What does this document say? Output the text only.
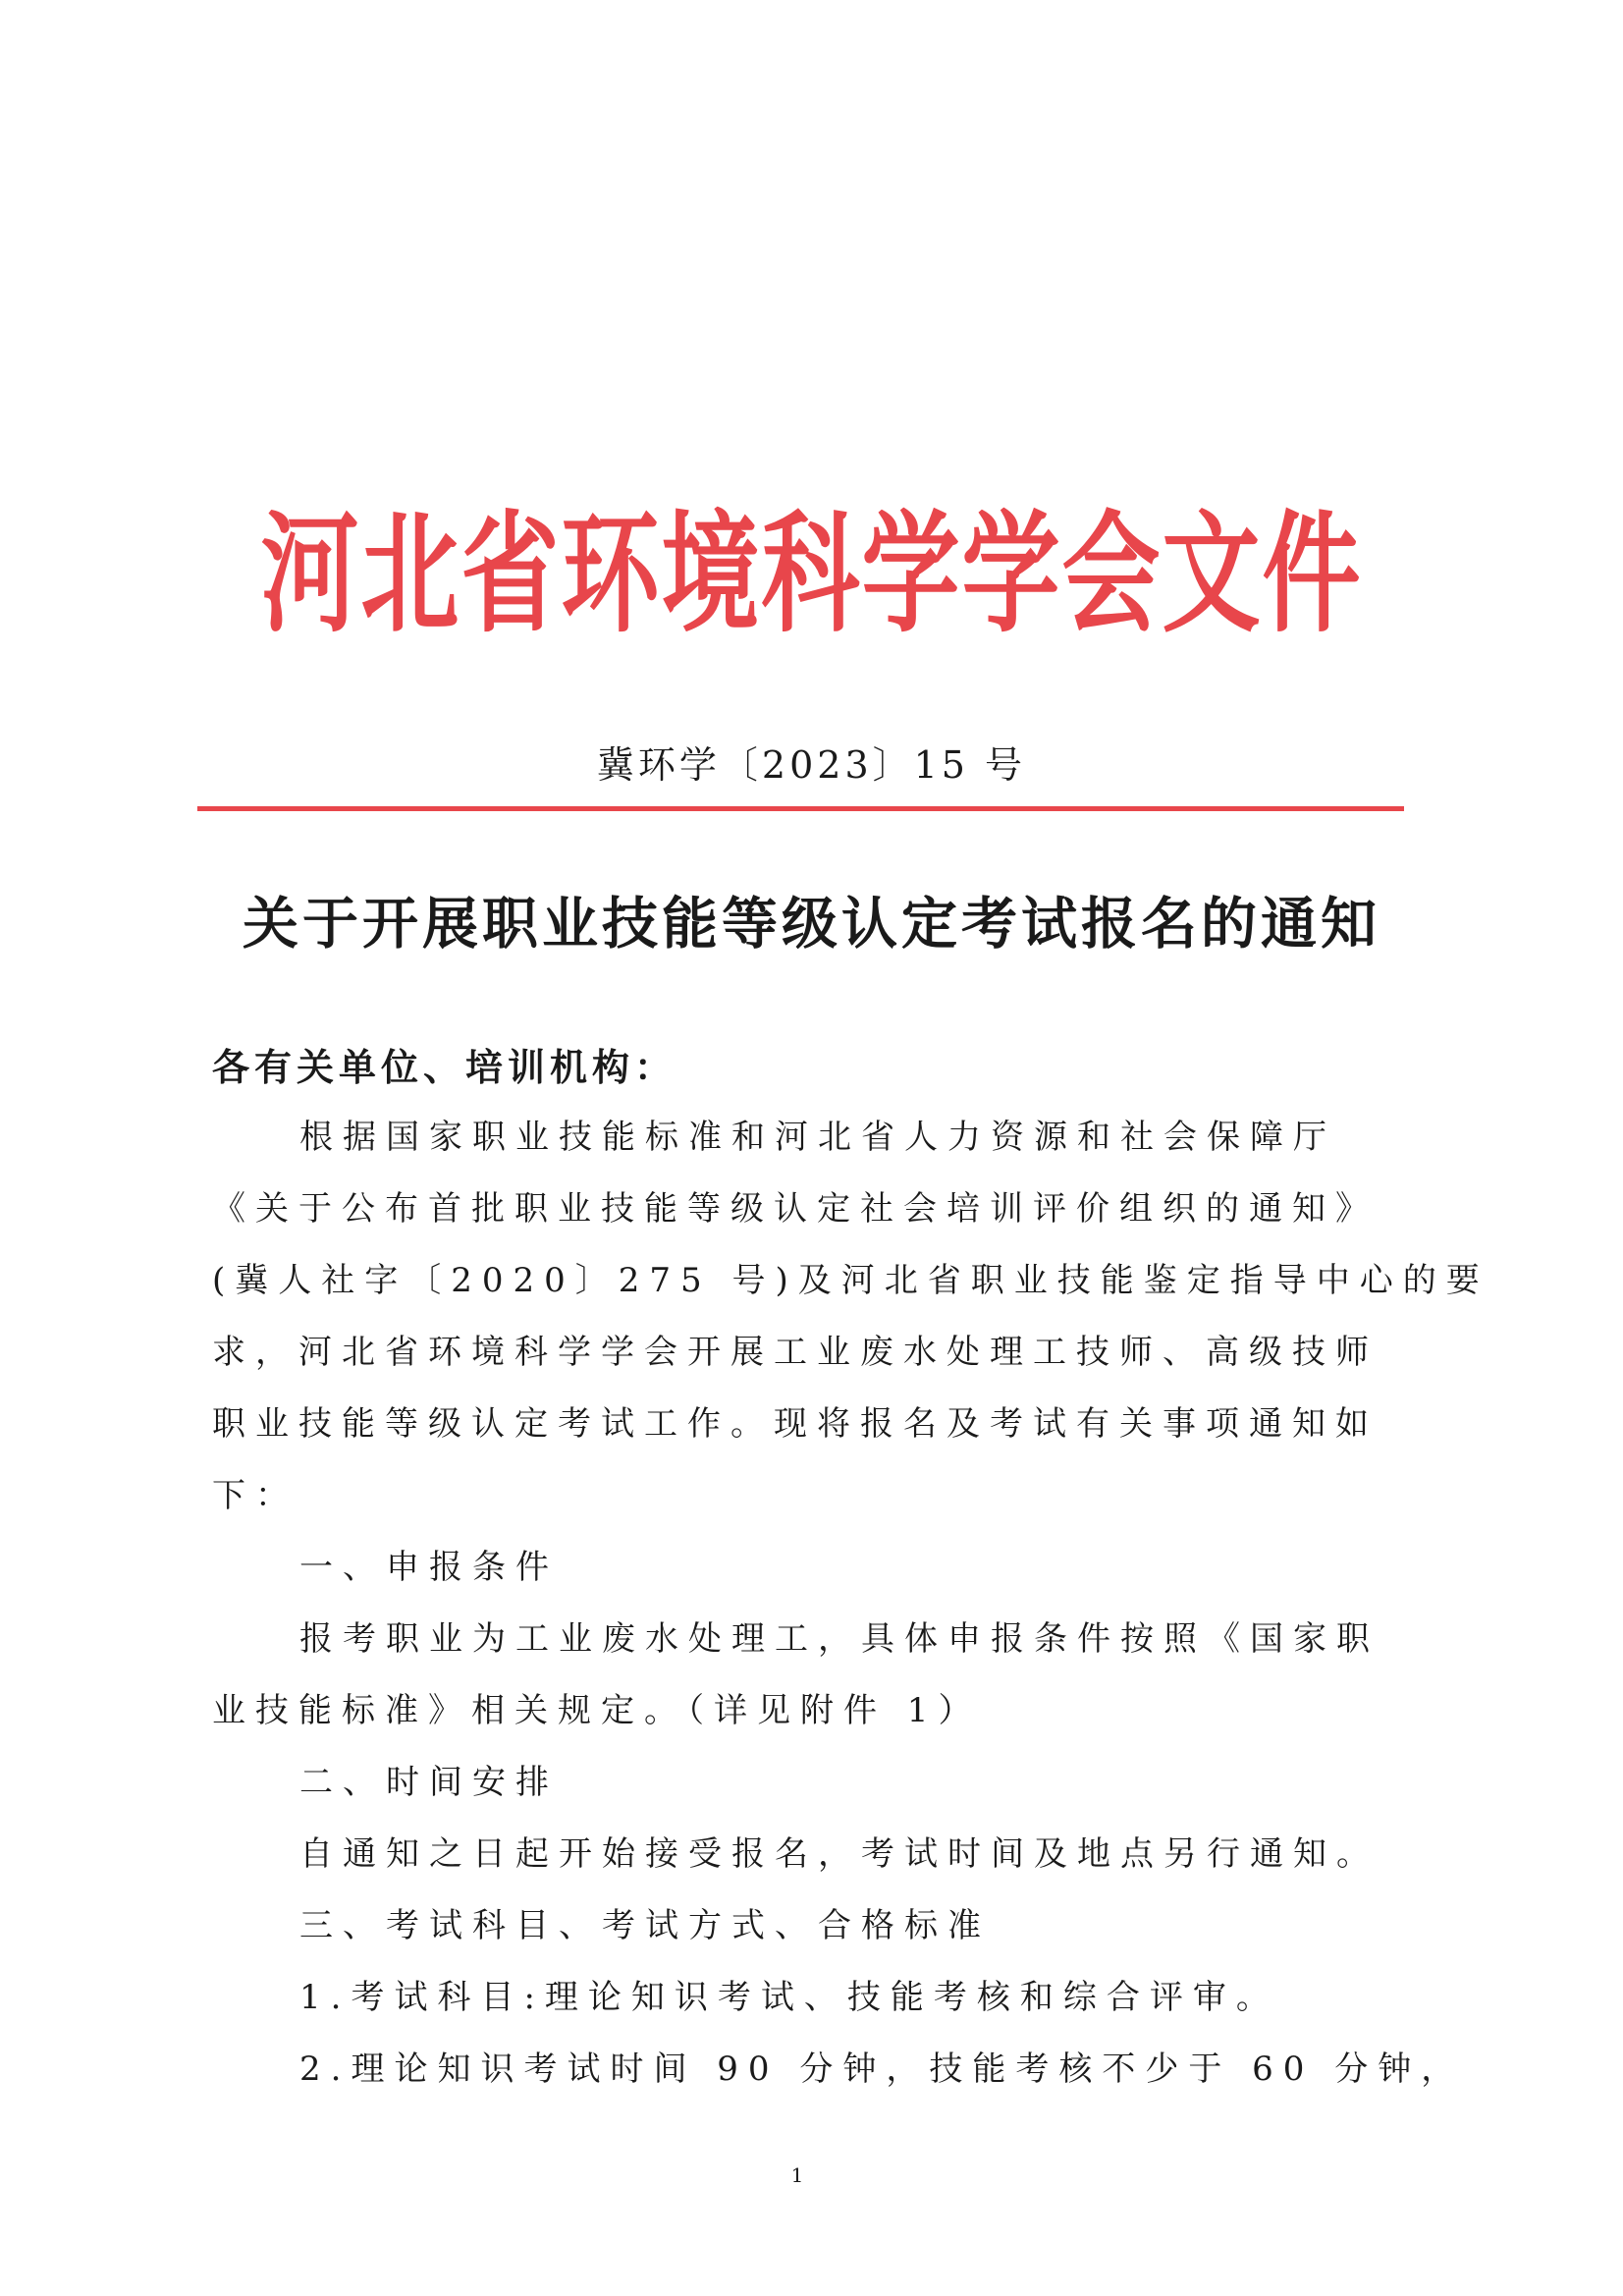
河北省环境科学学会文件
冀环学〔2023〕15 号
关于开展职业技能等级认定考试报名的通知
各有关单位、培训机构：
根据国家职业技能标准和河北省人力资源和社会保障厅
《关于公布首批职业技能等级认定社会培训评价组织的通知》
(冀人社字〔2020〕275 号)及河北省职业技能鉴定指导中心的要
求，河北省环境科学学会开展工业废水处理工技师、高级技师
职业技能等级认定考试工作。现将报名及考试有关事项通知如
下：
一、申报条件
报考职业为工业废水处理工，具体申报条件按照《国家职
业技能标准》相关规定。（详见附件 1）
二、时间安排
自通知之日起开始接受报名，考试时间及地点另行通知。
三、考试科目、考试方式、合格标准
1.考试科目:理论知识考试、技能考核和综合评审。
2.理论知识考试时间 90 分钟，技能考核不少于 60 分钟，
1
